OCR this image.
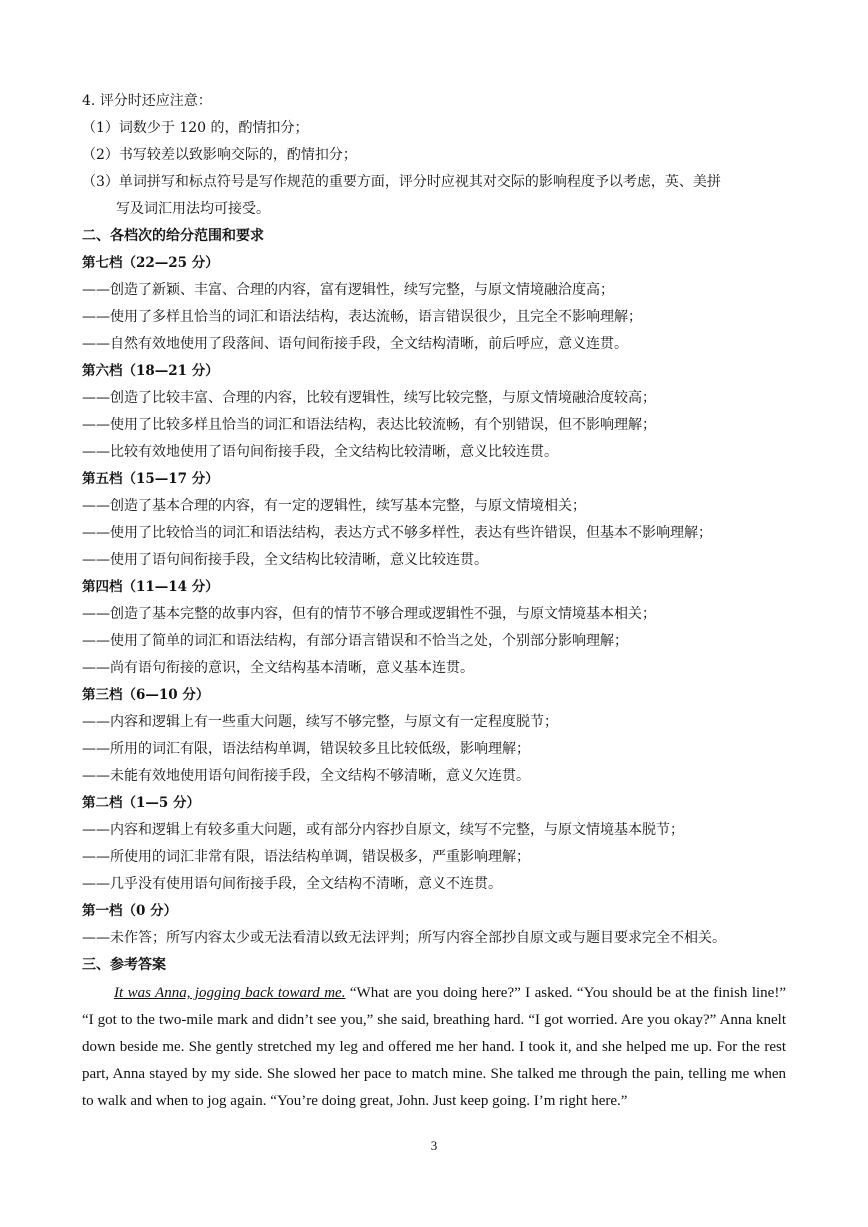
4. 评分时还应注意：
（1）词数少于 120 的，酌情扣分；
（2）书写较差以致影响交际的，酌情扣分；
（3）单词拼写和标点符号是写作规范的重要方面，评分时应视其对交际的影响程度予以考虑，英、美拼
写及词汇用法均可接受。
二、各档次的给分范围和要求
第七档（22—25 分）
——创造了新颖、丰富、合理的内容，富有逻辑性，续写完整，与原文情境融洽度高；
——使用了多样且恰当的词汇和语法结构，表达流畅，语言错误很少，且完全不影响理解；
——自然有效地使用了段落间、语句间衔接手段，全文结构清晰，前后呼应，意义连贯。
第六档（18—21 分）
——创造了比较丰富、合理的内容，比较有逻辑性，续写比较完整，与原文情境融洽度较高；
——使用了比较多样且恰当的词汇和语法结构，表达比较流畅，有个别错误，但不影响理解；
——比较有效地使用了语句间衔接手段，全文结构比较清晰，意义比较连贯。
第五档（15—17 分）
——创造了基本合理的内容，有一定的逻辑性，续写基本完整，与原文情境相关；
——使用了比较恰当的词汇和语法结构，表达方式不够多样性，表达有些许错误，但基本不影响理解；
——使用了语句间衔接手段，全文结构比较清晰，意义比较连贯。
第四档（11—14 分）
——创造了基本完整的故事内容，但有的情节不够合理或逻辑性不强，与原文情境基本相关；
——使用了简单的词汇和语法结构，有部分语言错误和不恰当之处，个别部分影响理解；
——尚有语句衔接的意识，全文结构基本清晰，意义基本连贯。
第三档（6—10 分）
——内容和逻辑上有一些重大问题，续写不够完整，与原文有一定程度脱节；
——所用的词汇有限，语法结构单调，错误较多且比较低级，影响理解；
——未能有效地使用语句间衔接手段，全文结构不够清晰，意义欠连贯。
第二档（1—5 分）
——内容和逻辑上有较多重大问题，或有部分内容抄自原文，续写不完整，与原文情境基本脱节；
——所使用的词汇非常有限，语法结构单调，错误极多，严重影响理解；
——几乎没有使用语句间衔接手段，全文结构不清晰，意义不连贯。
第一档（0 分）
——未作答；所写内容太少或无法看清以致无法评判；所写内容全部抄自原文或与题目要求完全不相关。
三、参考答案
It was Anna, jogging back toward me. “What are you doing here?” I asked. “You should be at the finish line!” “I got to the two-mile mark and didn’t see you,” she said, breathing hard. “I got worried. Are you okay?” Anna knelt down beside me. She gently stretched my leg and offered me her hand. I took it, and she helped me up. For the rest part, Anna stayed by my side. She slowed her pace to match mine. She talked me through the pain, telling me when to walk and when to jog again. “You’re doing great, John. Just keep going. I’m right here.”
3
